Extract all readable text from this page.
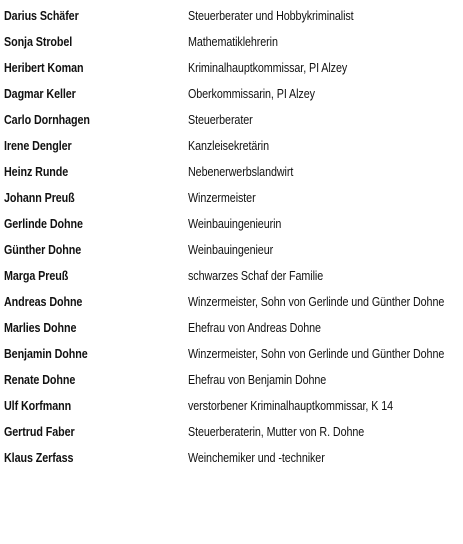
Darius Schäfer	Steuerberater und Hobbykriminalist
Sonja Strobel	Mathematiklehrerin
Heribert Koman	Kriminalhauptkommissar, PI Alzey
Dagmar Keller	Oberkommissarin, PI Alzey
Carlo Dornhagen	Steuerberater
Irene Dengler	Kanzleisekretärin
Heinz Runde	Nebenerwerbslandwirt
Johann Preuß	Winzermeister
Gerlinde Dohne	Weinbauingenieurin
Günther Dohne	Weinbauingenieur
Marga Preuß	schwarzes Schaf der Familie
Andreas Dohne	Winzermeister, Sohn von Gerlinde und Günther Dohne
Marlies Dohne	Ehefrau von Andreas Dohne
Benjamin Dohne	Winzermeister, Sohn von Gerlinde und Günther Dohne
Renate Dohne	Ehefrau von Benjamin Dohne
Ulf Korfmann	verstorbener Kriminalhauptkommissar, K 14
Gertrud Faber	Steuerberaterin, Mutter von R. Dohne
Klaus Zerfass	Weinchemiker und -techniker
